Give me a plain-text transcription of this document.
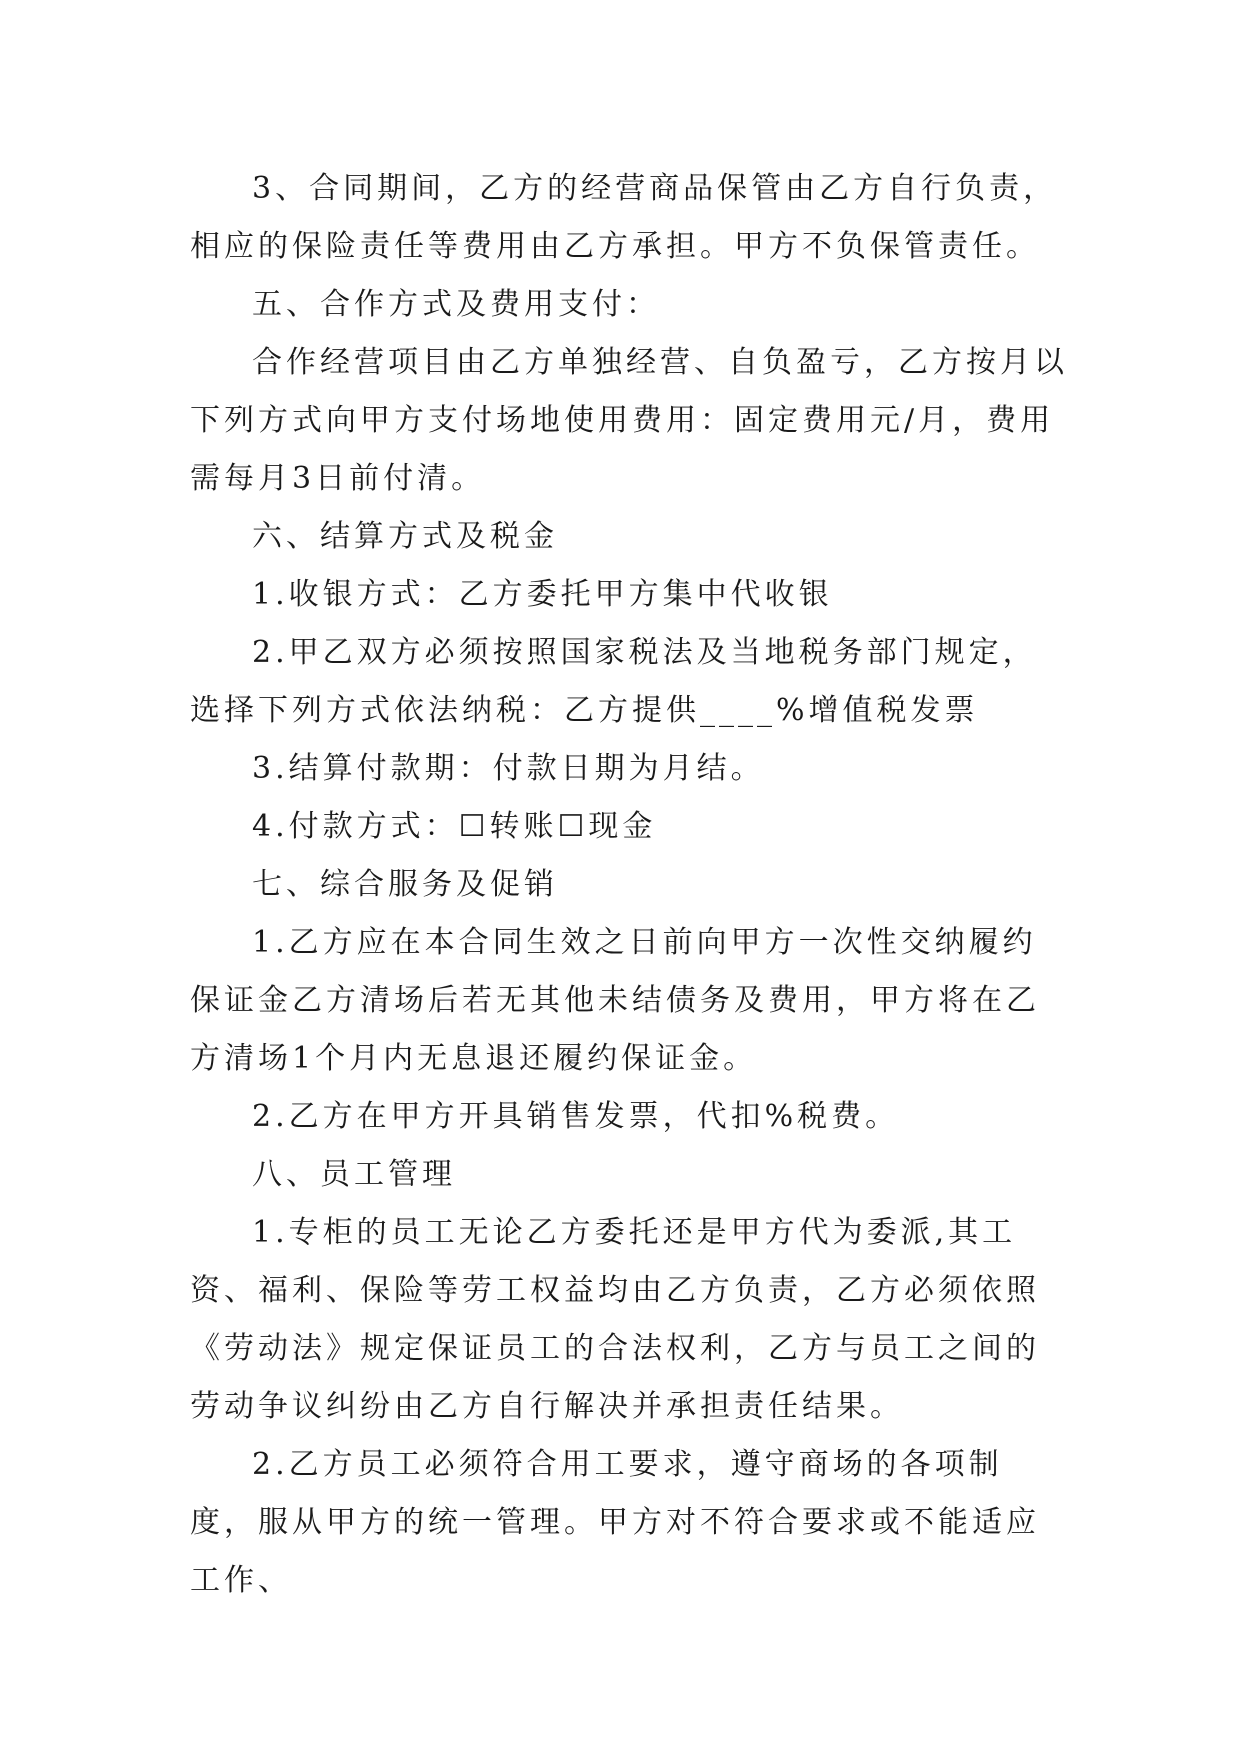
3、合同期间，乙方的经营商品保管由乙方自行负责，相应的保险责任等费用由乙方承担。甲方不负保管责任。

五、合作方式及费用支付：

合作经营项目由乙方单独经营、自负盈亏，乙方按月以下列方式向甲方支付场地使用费用：固定费用元/月，费用需每月3日前付清。

六、结算方式及税金

1.收银方式：乙方委托甲方集中代收银

2.甲乙双方必须按照国家税法及当地税务部门规定，选择下列方式依法纳税：乙方提供____%增值税发票

3.结算付款期：付款日期为月结。

4.付款方式：☐转账☐现金

七、综合服务及促销

1.乙方应在本合同生效之日前向甲方一次性交纳履约保证金乙方清场后若无其他未结债务及费用，甲方将在乙方清场1个月内无息退还履约保证金。

2.乙方在甲方开具销售发票，代扣%税费。

八、员工管理

1.专柜的员工无论乙方委托还是甲方代为委派,其工资、福利、保险等劳工权益均由乙方负责，乙方必须依照《劳动法》规定保证员工的合法权利，乙方与员工之间的劳动争议纠纷由乙方自行解决并承担责任结果。

2.乙方员工必须符合用工要求，遵守商场的各项制度，服从甲方的统一管理。甲方对不符合要求或不能适应工作、
